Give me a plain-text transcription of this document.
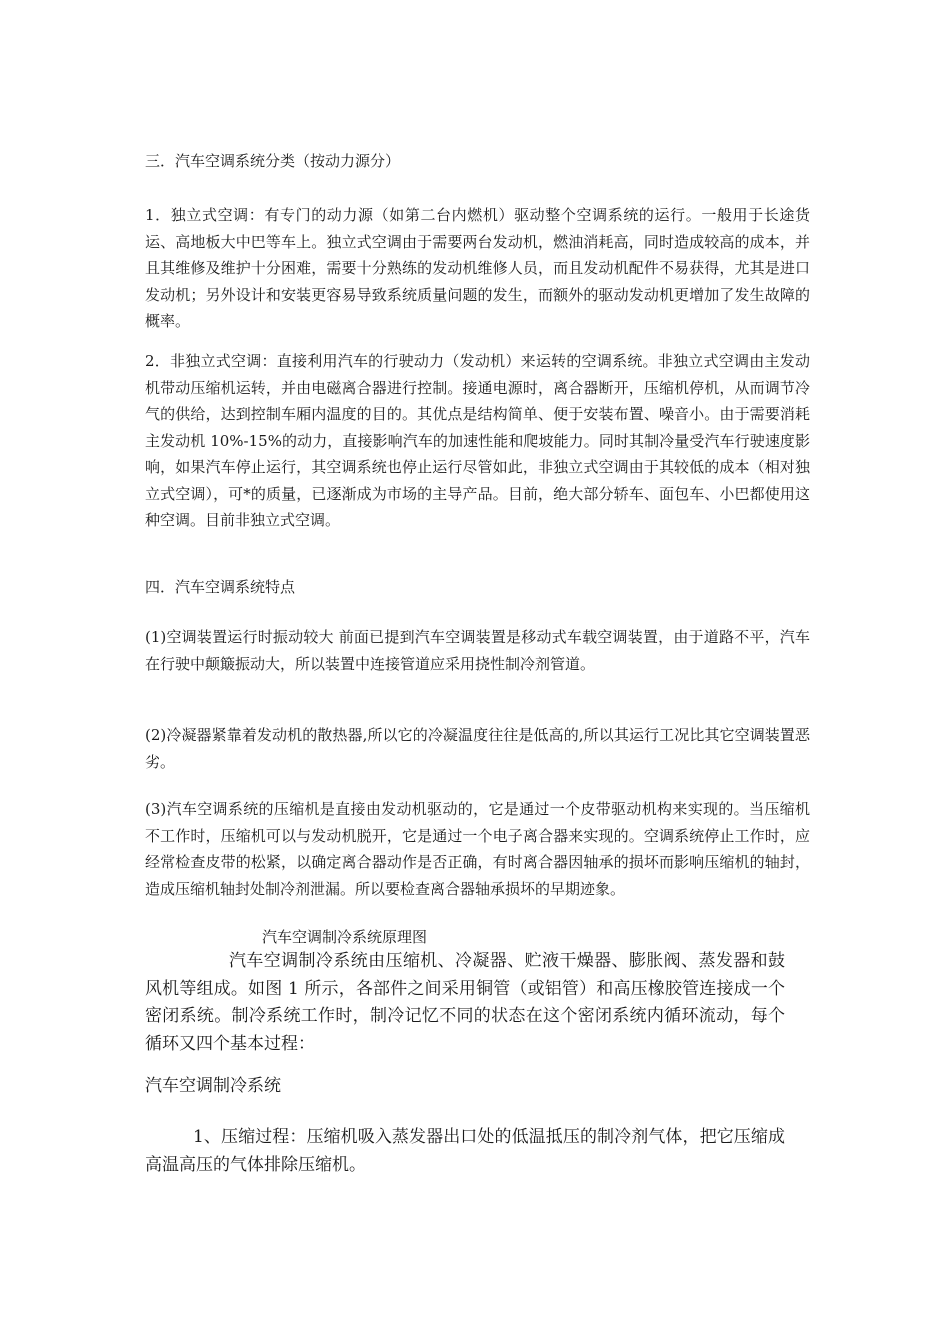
三．汽车空调系统分类（按动力源分）

1．独立式空调：有专门的动力源（如第二台内燃机）驱动整个空调系统的运行。一般用于长途货运、高地板大中巴等车上。独立式空调由于需要两台发动机，燃油消耗高，同时造成较高的成本，并且其维修及维护十分困难，需要十分熟练的发动机维修人员，而且发动机配件不易获得，尤其是进口发动机；另外设计和安装更容易导致系统质量问题的发生，而额外的驱动发动机更增加了发生故障的概率。

2．非独立式空调：直接利用汽车的行驶动力（发动机）来运转的空调系统。非独立式空调由主发动机带动压缩机运转，并由电磁离合器进行控制。接通电源时，离合器断开，压缩机停机，从而调节冷气的供给，达到控制车厢内温度的目的。其优点是结构简单、便于安装布置、噪音小。由于需要消耗主发动机 10%-15%的动力，直接影响汽车的加速性能和爬坡能力。同时其制冷量受汽车行驶速度影响，如果汽车停止运行，其空调系统也停止运行尽管如此，非独立式空调由于其较低的成本（相对独立式空调），可*的质量，已逐渐成为市场的主导产品。目前，绝大部分轿车、面包车、小巴都使用这种空调。目前非独立式空调。

四．汽车空调系统特点

(1)空调装置运行时振动较大 前面已提到汽车空调装置是移动式车载空调装置，由于道路不平，汽车在行驶中颠簸振动大，所以装置中连接管道应采用挠性制冷剂管道。

(2)冷凝器紧靠着发动机的散热器,所以它的冷凝温度往往是低高的,所以其运行工况比其它空调装置恶劣。

(3)汽车空调系统的压缩机是直接由发动机驱动的，它是通过一个皮带驱动机构来实现的。当压缩机不工作时，压缩机可以与发动机脱开，它是通过一个电子离合器来实现的。空调系统停止工作时，应经常检查皮带的松紧，以确定离合器动作是否正确，有时离合器因轴承的损坏而影响压缩机的轴封，造成压缩机轴封处制冷剂泄漏。所以要检查离合器轴承损坏的早期迹象。

汽车空调制冷系统原理图

汽车空调制冷系统由压缩机、冷凝器、贮液干燥器、膨胀阀、蒸发器和鼓风机等组成。如图 1 所示，各部件之间采用铜管（或铝管）和高压橡胶管连接成一个密闭系统。制冷系统工作时，制冷记忆不同的状态在这个密闭系统内循环流动，每个循环又四个基本过程：

汽车空调制冷系统

1、压缩过程：压缩机吸入蒸发器出口处的低温抵压的制冷剂气体，把它压缩成高温高压的气体排除压缩机。
